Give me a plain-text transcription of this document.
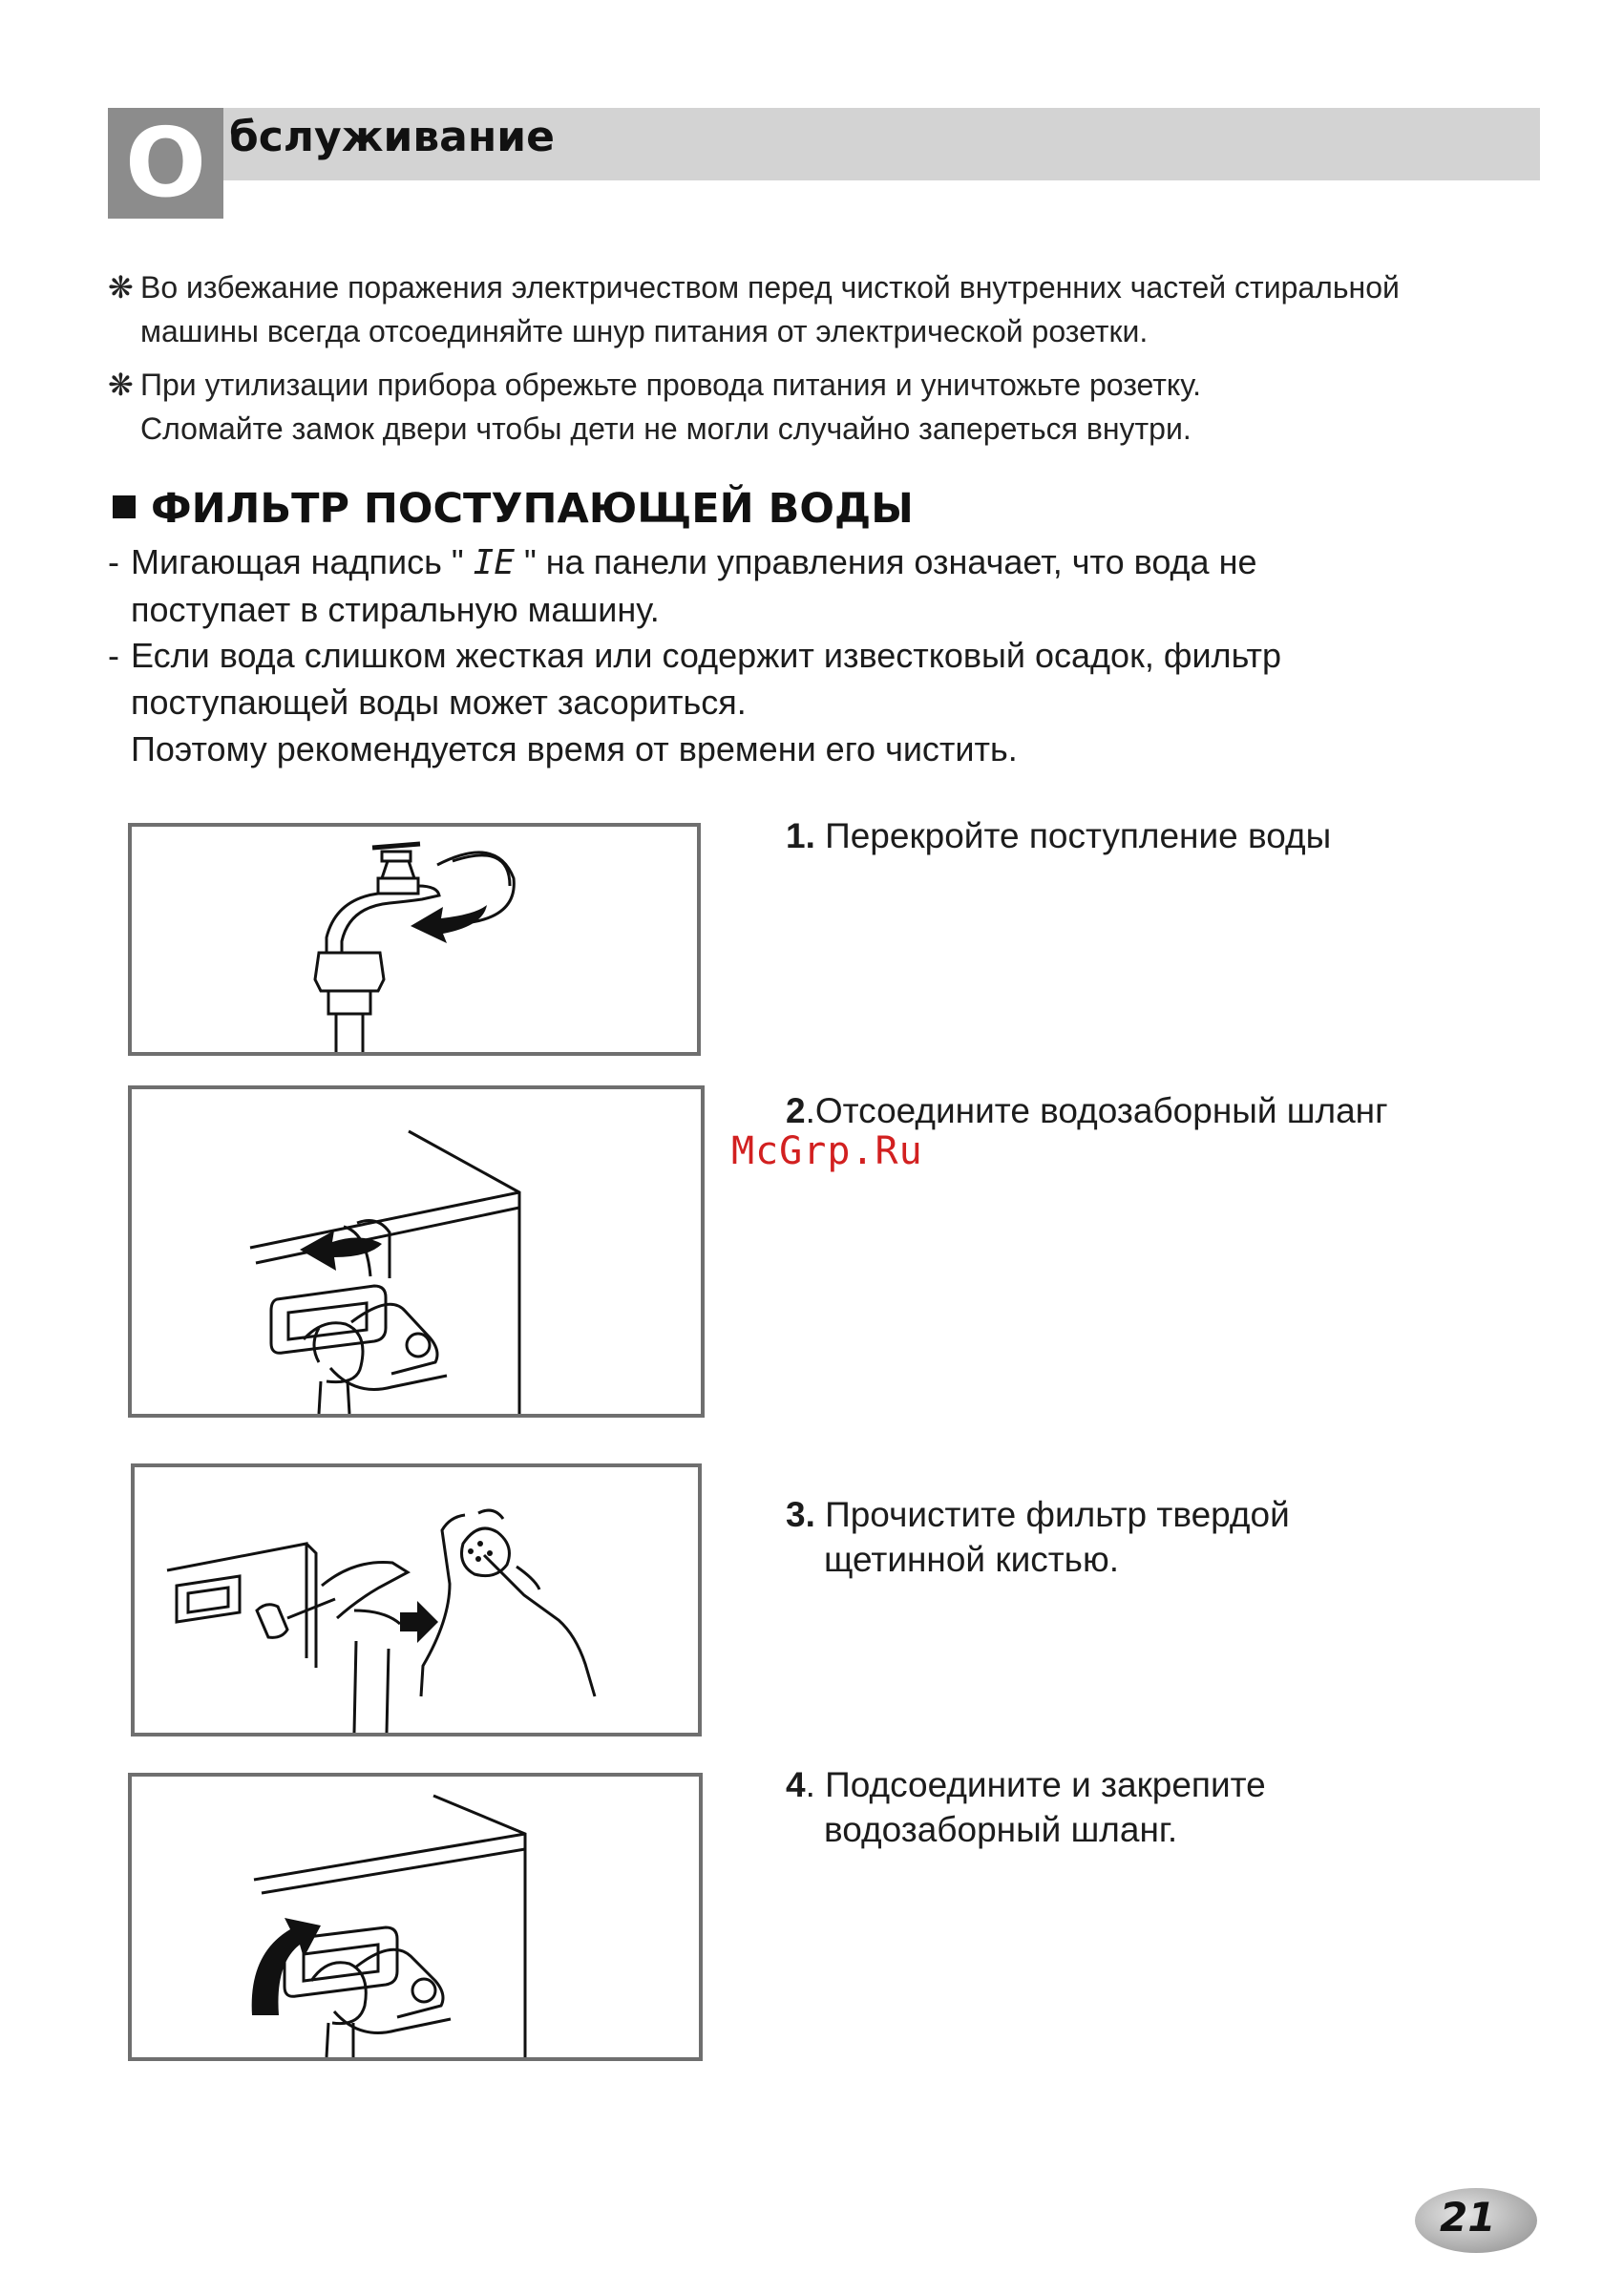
О бслуживание
❋ Во избежание поражения электричеством перед чисткой внутренних частей стиральной
машины всегда отсоединяйте шнур питания от электрической розетки.
❋ При утилизации прибора обрежьте провода питания и уничтожьте розетку.
Сломайте замок двери чтобы дети не могли случайно запереться внутри.
ФИЛЬТР ПОСТУПАЮЩЕЙ ВОДЫ
- Мигающая надпись " IE " на панели управления означает, что вода не
поступает в стиральную машину.
- Если вода слишком жесткая или содержит известковый осадок, фильтр
поступающей воды может засориться.
Поэтому рекомендуется время от времени его чистить.
1. Перекройте поступление воды
2.Отсоедините водозаборный шланг
3. Прочистите фильтр твердой
щетинной кистью.
4. Подсоедините и закрепите
водозаборный шланг.
McGrp.Ru
21
